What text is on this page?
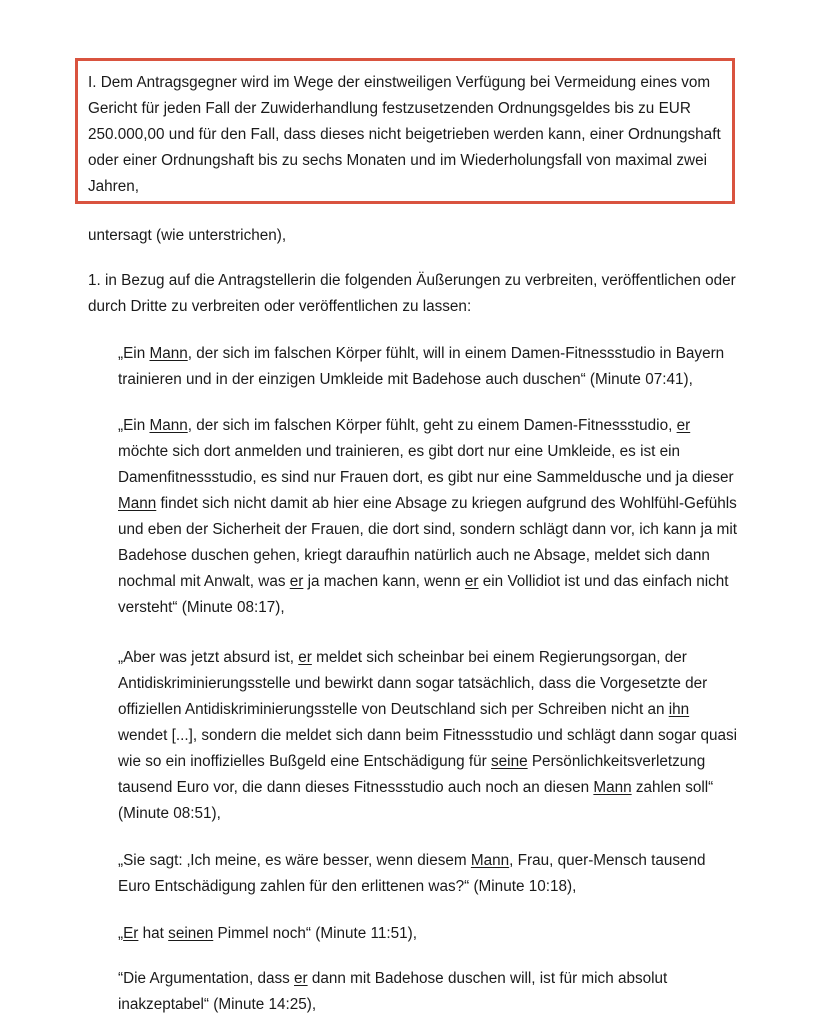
I. Dem Antragsgegner wird im Wege der einstweiligen Verfügung bei Vermeidung eines vom Gericht für jeden Fall der Zuwiderhandlung festzusetzenden Ordnungsgeldes bis zu EUR 250.000,00 und für den Fall, dass dieses nicht beigetrieben werden kann, einer Ordnungshaft oder einer Ordnungshaft bis zu sechs Monaten und im Wiederholungsfall von maximal zwei Jahren,

untersagt (wie unterstrichen),

1. in Bezug auf die Antragstellerin die folgenden Äußerungen zu verbreiten, veröffentlichen oder durch Dritte zu verbreiten oder veröffentlichen zu lassen:

„Ein Mann, der sich im falschen Körper fühlt, will in einem Damen-Fitnessstudio in Bayern trainieren und in der einzigen Umkleide mit Badehose auch duschen“ (Minute 07:41),

„Ein Mann, der sich im falschen Körper fühlt, geht zu einem Damen-Fitnessstudio, er möchte sich dort anmelden und trainieren, es gibt dort nur eine Umkleide, es ist ein Damenfitnessstudio, es sind nur Frauen dort, es gibt nur eine Sammeldusche und ja dieser Mann findet sich nicht damit ab hier eine Absage zu kriegen aufgrund des Wohlfühl-Gefühls und eben der Sicherheit der Frauen, die dort sind, sondern schlägt dann vor, ich kann ja mit Badehose duschen gehen, kriegt daraufhin natürlich auch ne Absage, meldet sich dann nochmal mit Anwalt, was er ja machen kann, wenn er ein Vollidiot ist und das einfach nicht versteht“ (Minute 08:17),

„Aber was jetzt absurd ist, er meldet sich scheinbar bei einem Regierungsorgan, der Antidiskriminierungsstelle und bewirkt dann sogar tatsächlich, dass die Vorgesetzte der offiziellen Antidiskriminierungsstelle von Deutschland sich per Schreiben nicht an ihn wendet [...], sondern die meldet sich dann beim Fitnessstudio und schlägt dann sogar quasi wie so ein inoffizielles Bußgeld eine Entschädigung für seine Persönlichkeitsverletzung tausend Euro vor, die dann dieses Fitnessstudio auch noch an diesen Mann zahlen soll“ (Minute 08:51),

„Sie sagt: ‚Ich meine, es wäre besser, wenn diesem Mann, Frau, quer-Mensch tausend Euro Entschädigung zahlen für den erlittenen was?“ (Minute 10:18),

„Er hat seinen Pimmel noch“ (Minute 11:51),

“Die Argumentation, dass er dann mit Badehose duschen will, ist für mich absolut inakzeptabel“ (Minute 14:25),
